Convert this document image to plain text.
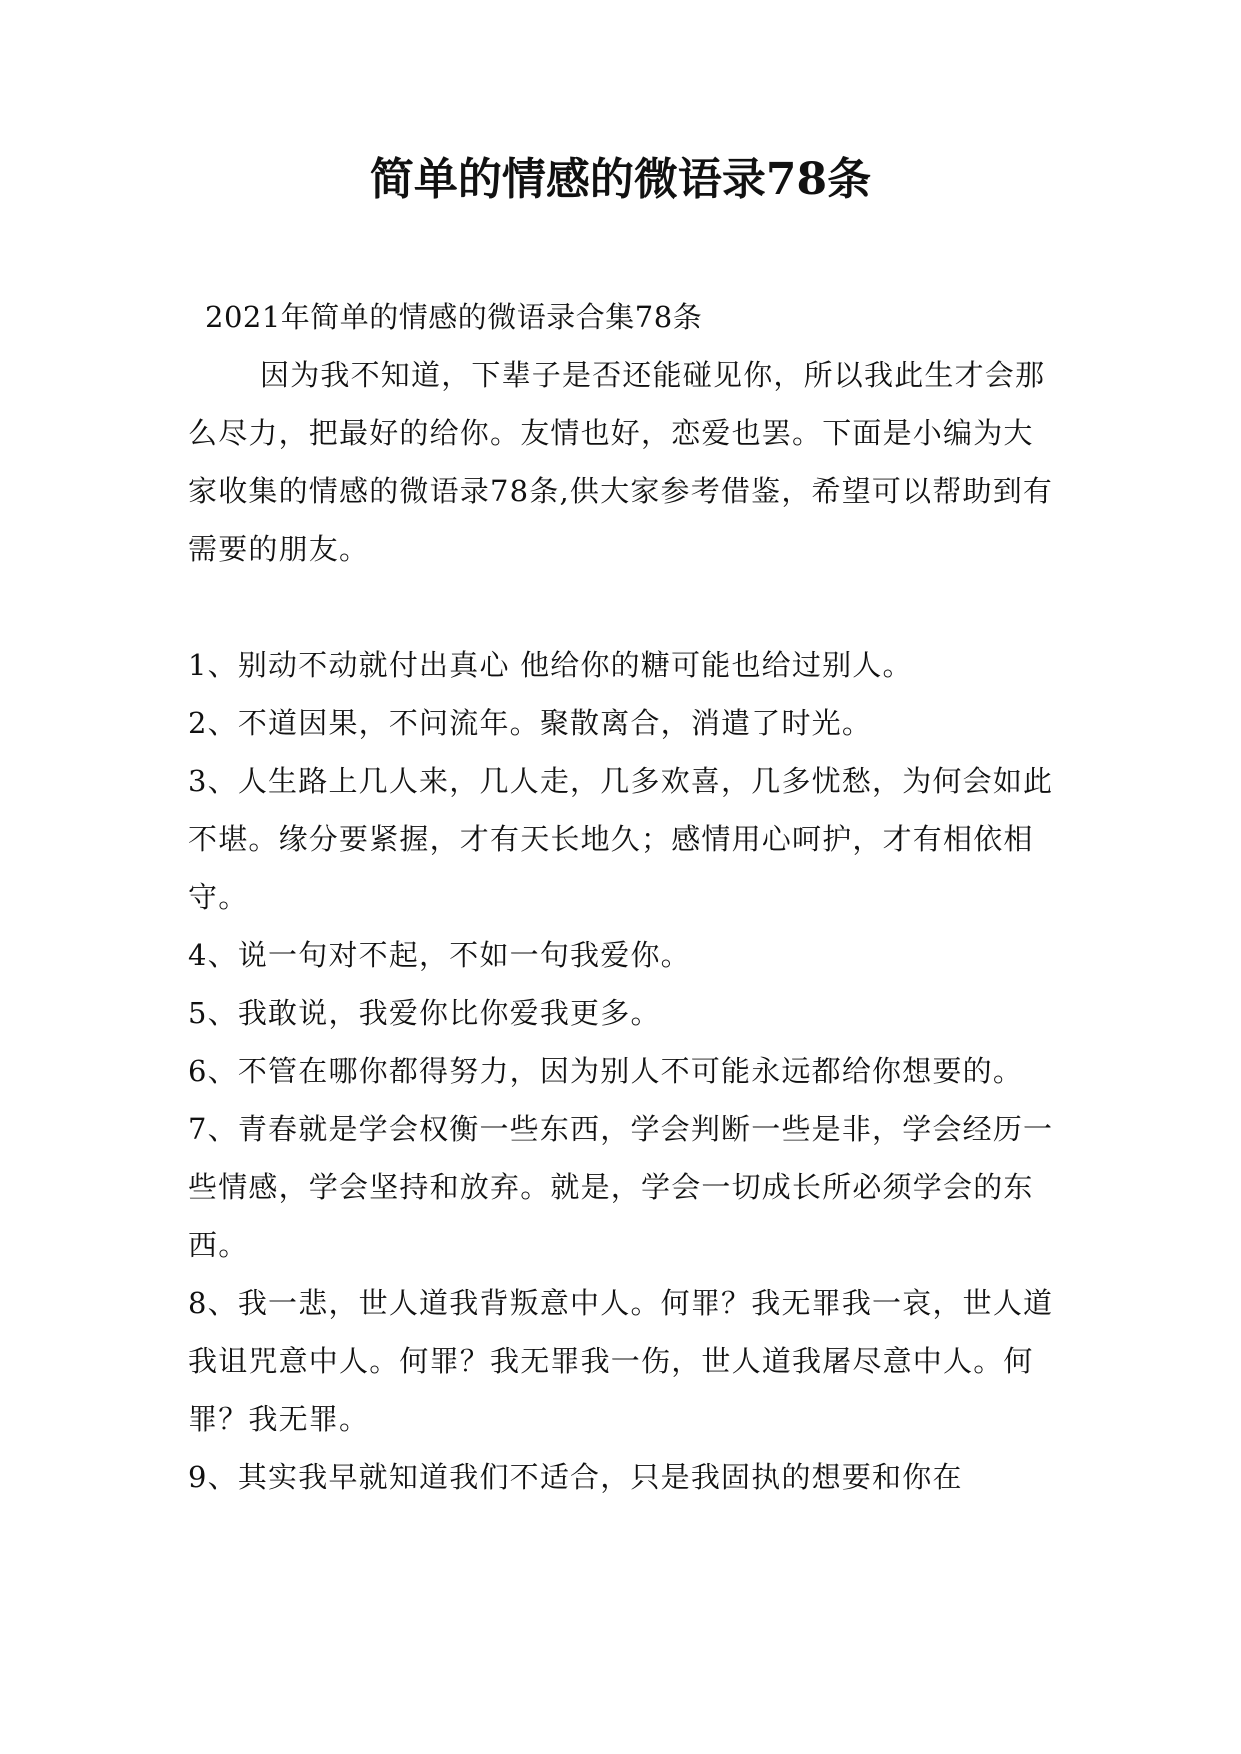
简单的情感的微语录78条
2021年简单的情感的微语录合集78条

因为我不知道，下辈子是否还能碰见你，所以我此生才会那么尽力，把最好的给你。友情也好，恋爱也罢。下面是小编为大家收集的情感的微语录78条,供大家参考借鉴，希望可以帮助到有需要的朋友。

1、别动不动就付出真心 他给你的糖可能也给过别人。

2、不道因果，不问流年。聚散离合，消遣了时光。

3、人生路上几人来，几人走，几多欢喜，几多忧愁，为何会如此不堪。缘分要紧握，才有天长地久；感情用心呵护，才有相依相守。

4、说一句对不起，不如一句我爱你。

5、我敢说，我爱你比你爱我更多。

6、不管在哪你都得努力，因为别人不可能永远都给你想要的。

7、青春就是学会权衡一些东西，学会判断一些是非，学会经历一些情感，学会坚持和放弃。就是，学会一切成长所必须学会的东西。

8、我一悲，世人道我背叛意中人。何罪？我无罪我一哀，世人道我诅咒意中人。何罪？我无罪我一伤，世人道我屠尽意中人。何罪？我无罪。

9、其实我早就知道我们不适合，只是我固执的想要和你在
